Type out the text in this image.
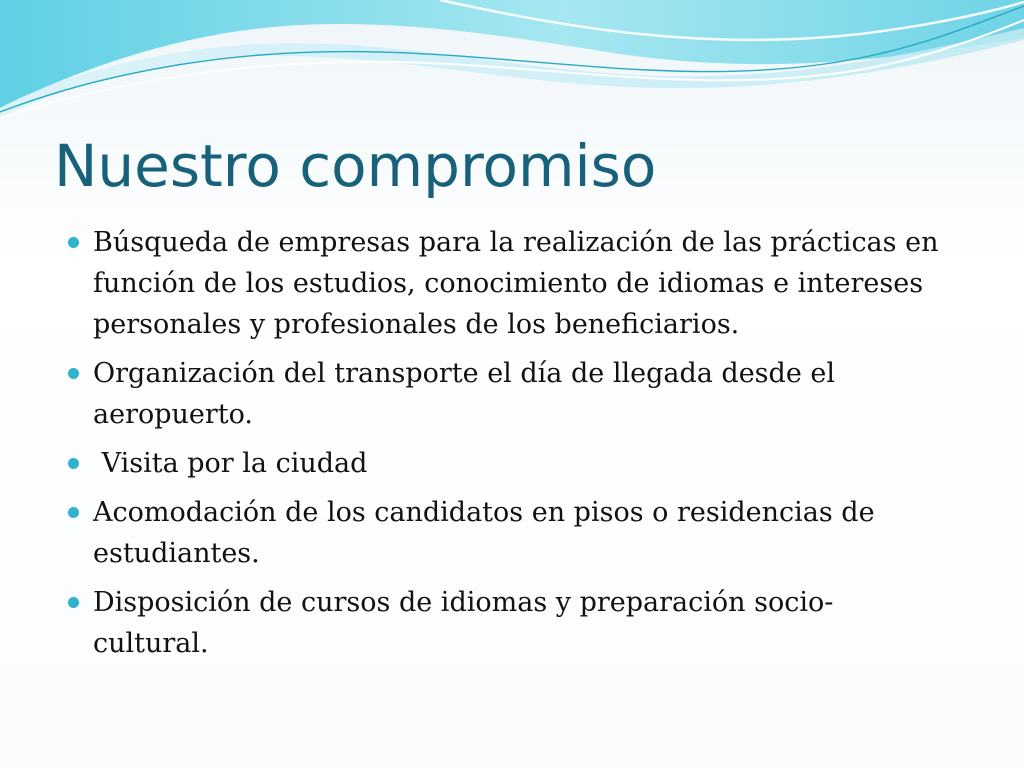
Nuestro compromiso
Búsqueda de empresas para la realización de las prácticas en función de los estudios, conocimiento de idiomas e intereses personales y profesionales de los beneficiarios.
Organización del transporte el día de llegada desde el aeropuerto.
Visita por la ciudad
Acomodación de los candidatos en pisos o residencias de estudiantes.
Disposición de cursos de idiomas y preparación socio-cultural.
